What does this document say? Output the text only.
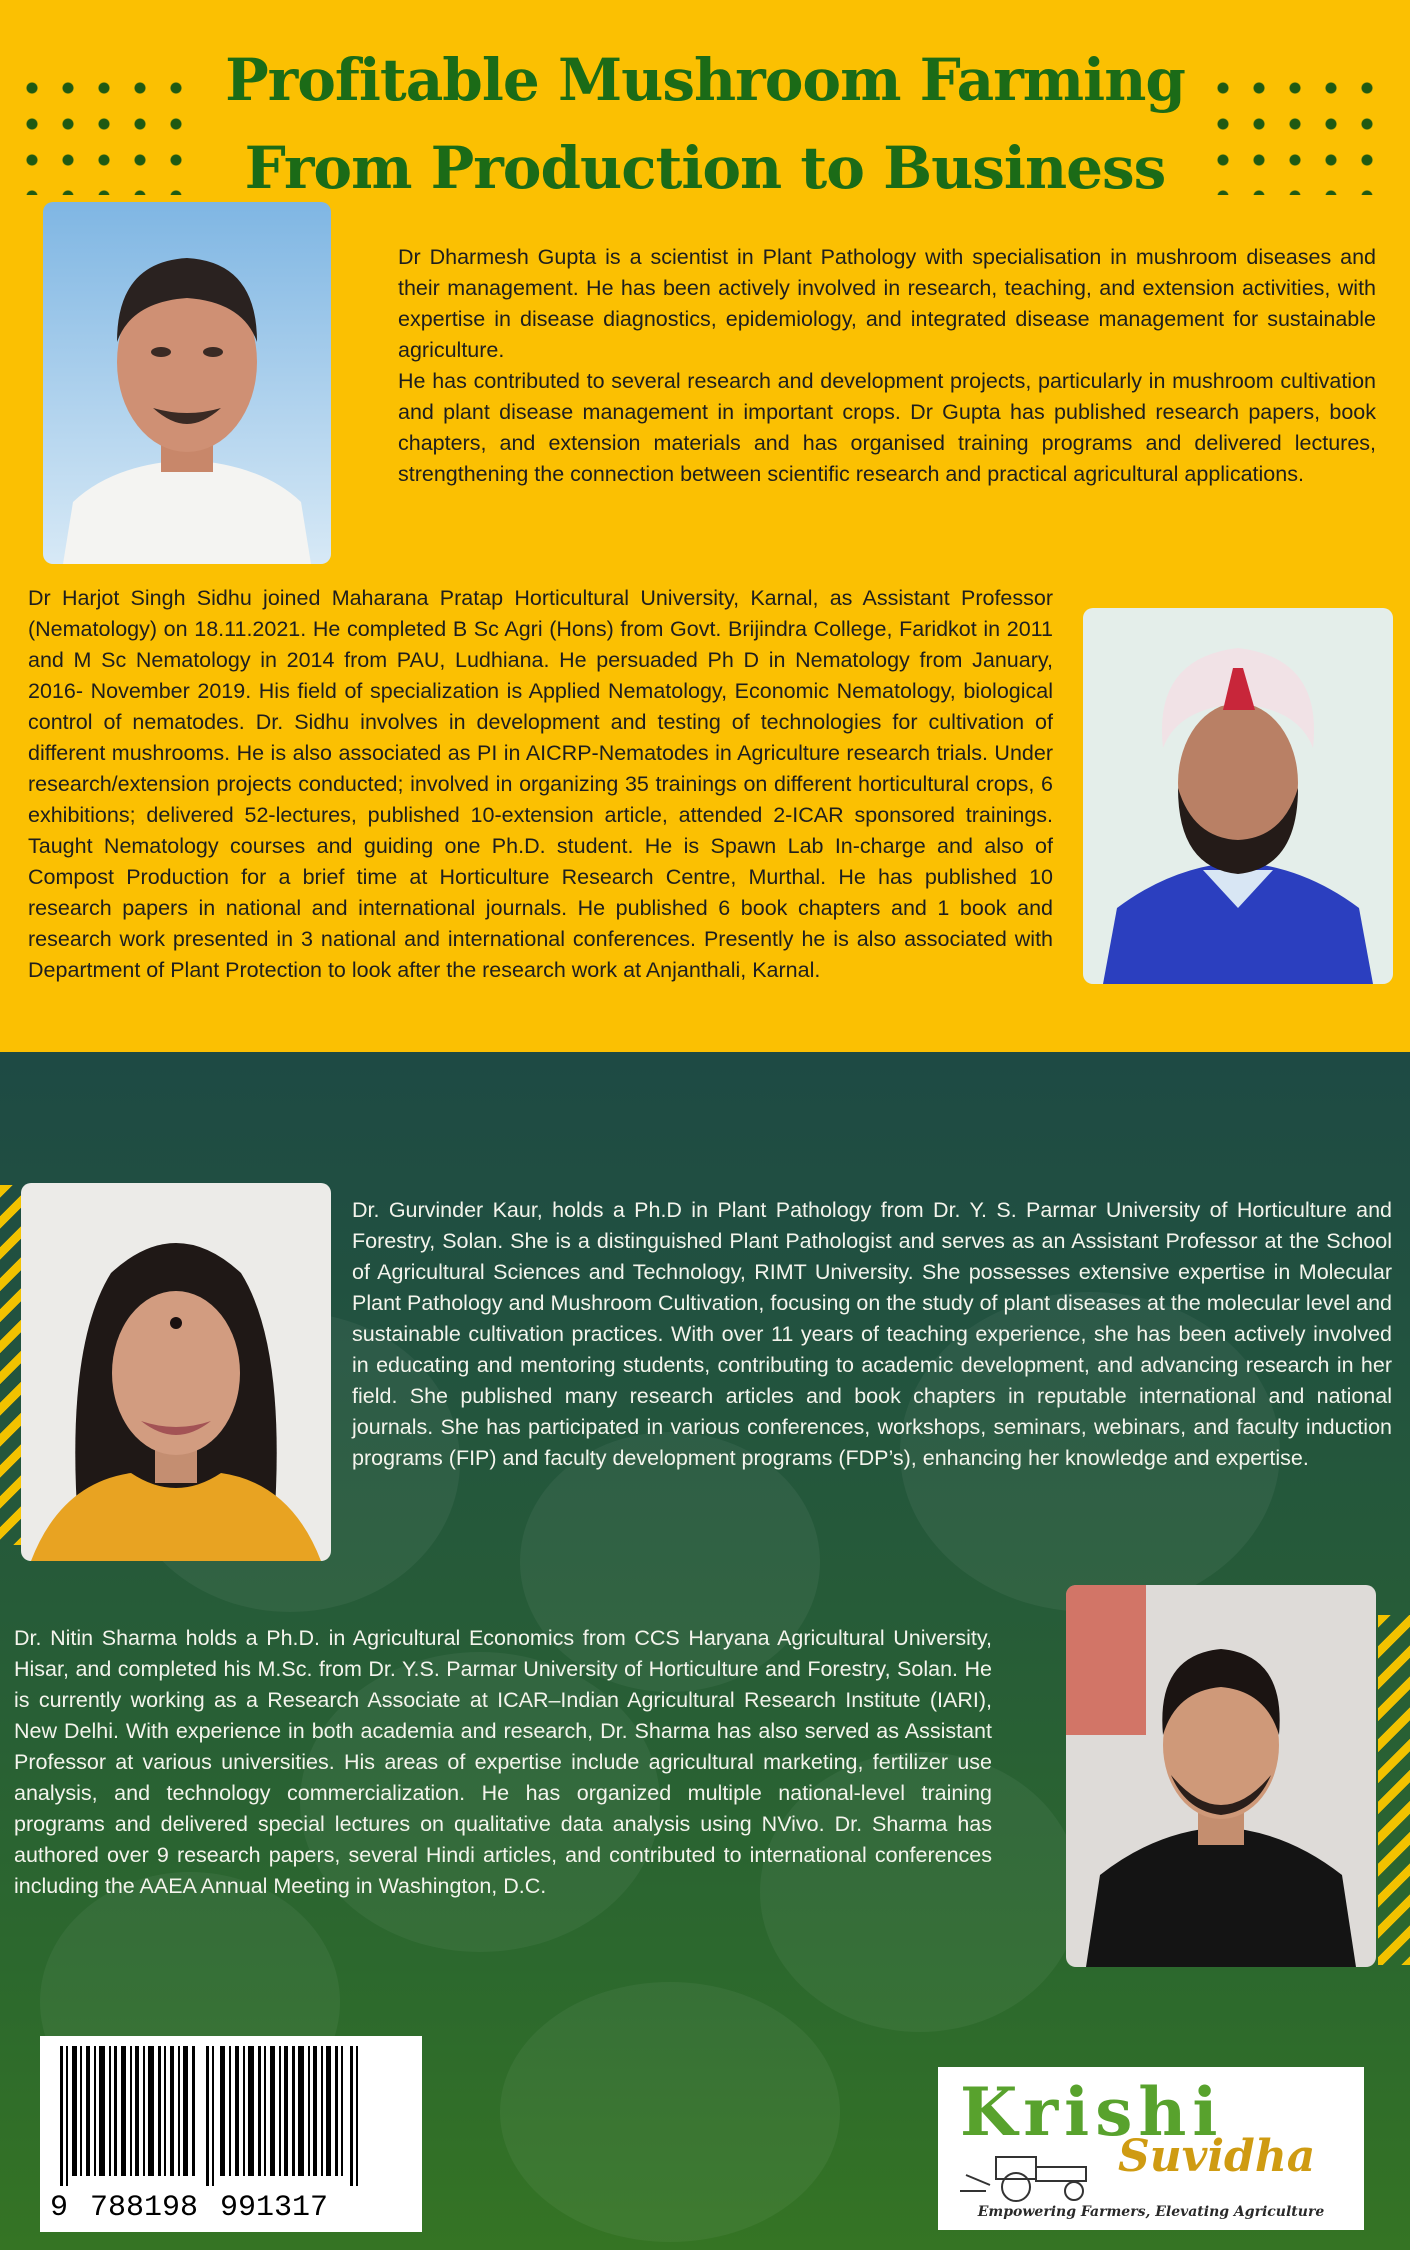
Profitable Mushroom Farming
From Production to Business

Dr Dharmesh Gupta is a scientist in Plant Pathology with specialisation in mushroom diseases and their management. He has been actively involved in research, teaching, and extension activities, with expertise in disease diagnostics, epidemiology, and integrated disease management for sustainable agriculture.
He has contributed to several research and development projects, particularly in mushroom cultivation and plant disease management in important crops. Dr Gupta has published research papers, book chapters, and extension materials and has organised training programs and delivered lectures, strengthening the connection between scientific research and practical agricultural applications.

Dr Harjot Singh Sidhu joined Maharana Pratap Horticultural University, Karnal, as Assistant Professor (Nematology) on 18.11.2021. He completed B Sc Agri (Hons) from Govt. Brijindra College, Faridkot in 2011 and M Sc Nematology in 2014 from PAU, Ludhiana. He persuaded Ph D in Nematology from January, 2016- November 2019. His field of specialization is Applied Nematology, Economic Nematology, biological control of nematodes. Dr. Sidhu involves in development and testing of technologies for cultivation of different mushrooms. He is also associated as PI in AICRP-Nematodes in Agriculture research trials. Under research/extension projects conducted; involved in organizing 35 trainings on different horticultural crops, 6 exhibitions; delivered 52-lectures, published 10-extension article, attended 2-ICAR sponsored trainings. Taught Nematology courses and guiding one Ph.D. student. He is Spawn Lab In-charge and also of Compost Production for a brief time at Horticulture Research Centre, Murthal. He has published 10 research papers in national and international journals. He published 6 book chapters and 1 book and research work presented in 3 national and international conferences. Presently he is also associated with Department of Plant Protection to look after the research work at Anjanthali, Karnal.

Dr. Gurvinder Kaur, holds a Ph.D in Plant Pathology from Dr. Y. S. Parmar University of Horticulture and Forestry, Solan. She is a distinguished Plant Pathologist and serves as an Assistant Professor at the School of Agricultural Sciences and Technology, RIMT University. She possesses extensive expertise in Molecular Plant Pathology and Mushroom Cultivation, focusing on the study of plant diseases at the molecular level and sustainable cultivation practices. With over 11 years of teaching experience, she has been actively involved in educating and mentoring students, contributing to academic development, and advancing research in her field. She published many research articles and book chapters in reputable international and national journals. She has participated in various conferences, workshops, seminars, webinars, and faculty induction programs (FIP) and faculty development programs (FDP’s), enhancing her knowledge and expertise.

Dr. Nitin Sharma holds a Ph.D. in Agricultural Economics from CCS Haryana Agricultural University, Hisar, and completed his M.Sc. from Dr. Y.S. Parmar University of Horticulture and Forestry, Solan. He is currently working as a Research Associate at ICAR–Indian Agricultural Research Institute (IARI), New Delhi. With experience in both academia and research, Dr. Sharma has also served as Assistant Professor at various universities. His areas of expertise include agricultural marketing, fertilizer use analysis, and technology commercialization. He has organized multiple national-level training programs and delivered special lectures on qualitative data analysis using NVivo. Dr. Sharma has authored over 9 research papers, several Hindi articles, and contributed to international conferences including the AAEA Annual Meeting in Washington, D.C.

9 788198 991317
Krishi
Suvidha
Empowering Farmers, Elevating Agriculture
